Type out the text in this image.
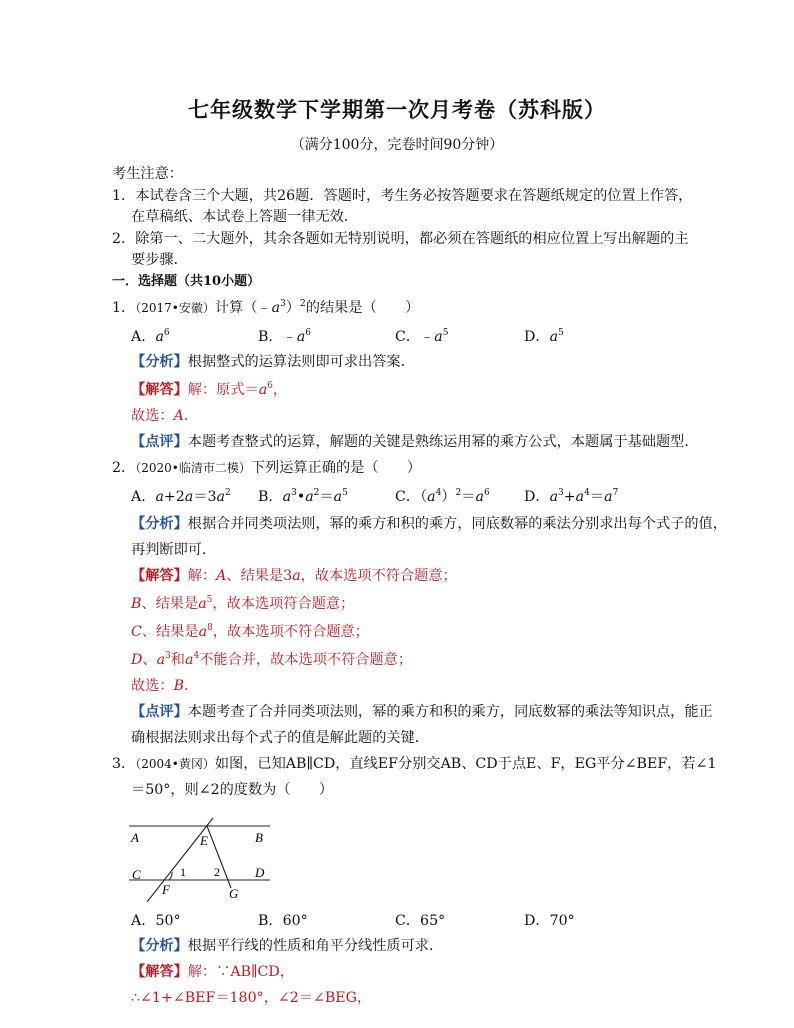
七年级数学下学期第一次月考卷（苏科版）
（满分100分，完卷时间90分钟）
考生注意：
1．本试卷含三个大题，共26题．答题时，考生务必按答题要求在答题纸规定的位置上作答，
在草稿纸、本试卷上答题一律无效．
2．除第一、二大题外，其余各题如无特别说明，都必须在答题纸的相应位置上写出解题的主
要步骤．
一．选择题（共10小题）
1．（2017•安徽）计算$(﹣a^3)^2$的结果是（　　）
A．$a^6$	B．$﹣a^6$	C．$﹣a^5$	D．$a^5$
【分析】根据整式的运算法则即可求出答案．
【解答】解：原式$=a^6$，
故选：A．
【点评】本题考查整式的运算，解题的关键是熟练运用幂的乘方公式，本题属于基础题型．
2．（2020•临清市二模）下列运算正确的是（　　）
A．$a+2a=3a^2$ B．$a^3•a^2=a^5$	C．$(a^4)^2=a^6$ D．$a^3+a^4=a^7$
【分析】根据合并同类项法则，幂的乘方和积的乘方，同底数幂的乘法分别求出每个式子的值，
再判断即可．
【解答】解：A、结果是3a，故本选项不符合题意；
B、结果是$a^5$，故本选项符合题意；
C、结果是$a^8$，故本选项不符合题意；
D、$a^3$和$a^4$不能合并，故本选项不符合题意；
故选：B．
【点评】本题考查了合并同类项法则，幂的乘方和积的乘方，同底数幂的乘法等知识点，能正
确根据法则求出每个式子的值是解此题的关键．
3．（2004•黄冈）如图，已知AB∥CD，直线EF分别交AB、CD于点E、F，EG平分∠BEF，若∠1
＝50°，则∠2的度数为（　　）
A	B
E
C	1 2	D
F	G
A．50°	B．60°	C．65°	D．70°
【分析】根据平行线的性质和角平分线性质可求．
【解答】解：∵AB∥CD，
∴∠1+∠BEF＝180°，∠2＝∠BEG，
